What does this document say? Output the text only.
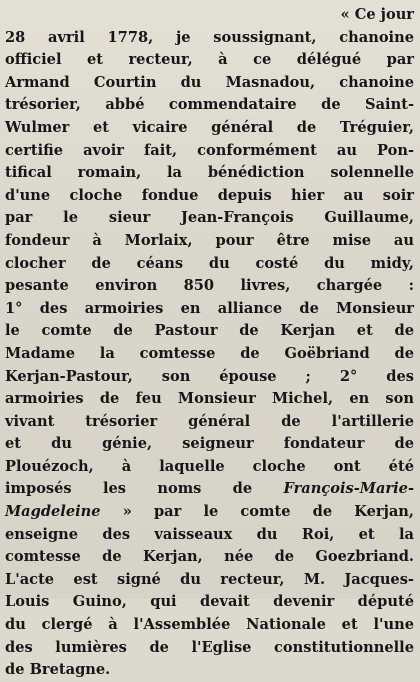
« Ce jour
28 avril 1778, je soussignant, chanoine
officiel et recteur, à ce délégué par
Armand Courtin du Masnadou, chanoine
trésorier, abbé commendataire de Saint-
Wulmer et vicaire général de Tréguier,
certifie avoir fait, conformément au Pon-
tifical romain, la bénédiction solennelle
d'une cloche fondue depuis hier au soir
par le sieur Jean-François Guillaume,
fondeur à Morlaix, pour être mise au
clocher de céans du costé du midy,
pesante environ 850 livres, chargée :
1° des armoiries en alliance de Monsieur
le comte de Pastour de Kerjan et de
Madame la comtesse de Goëbriand de
Kerjan-Pastour, son épouse ; 2° des
armoiries de feu Monsieur Michel, en son
vivant trésorier général de l'artillerie
et du génie, seigneur fondateur de
Plouézoch, à laquelle cloche ont été
imposés les noms de François-Marie-
Magdeleine » par le comte de Kerjan,
enseigne des vaisseaux du Roi, et la
comtesse de Kerjan, née de Goezbriand.
L'acte est signé du recteur, M. Jacques-
Louis Guino, qui devait devenir député
du clergé à l'Assemblée Nationale et l'une
des lumières de l'Eglise constitutionnelle
de Bretagne.
